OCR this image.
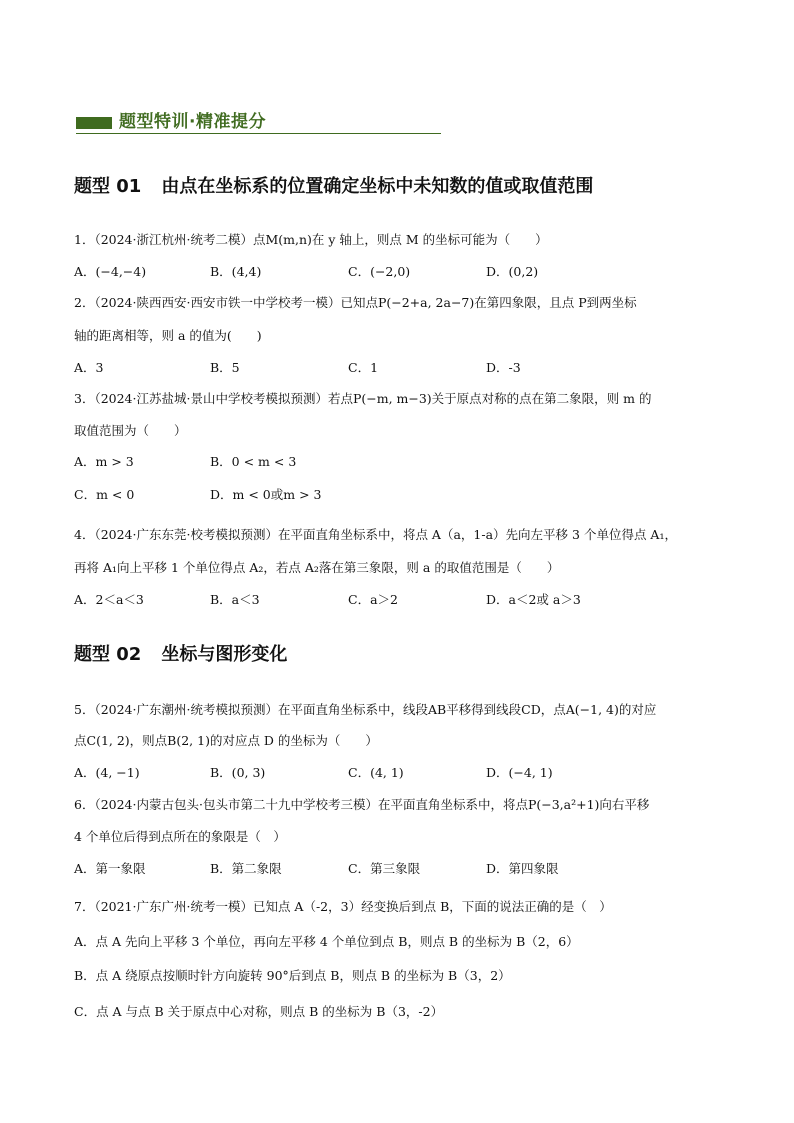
题型特训·精准提分
题型 01 由点在坐标系的位置确定坐标中未知数的值或取值范围
1．（2024·浙江杭州·统考二模）点M(m,n)在 y 轴上，则点 M 的坐标可能为（　　）
A．(−4,−4)	B．(4,4)	C．(−2,0)	D．(0,2)
2．（2024·陕西西安·西安市铁一中学校考一模）已知点P(−2+a, 2a−7)在第四象限，且点 P到两坐标
轴的距离相等，则 a 的值为(　　)
A．3	B．5	C．1	D．-3
3．（2024·江苏盐城·景山中学校考模拟预测）若点P(−m, m−3)关于原点对称的点在第二象限，则 m 的
取值范围为（　　）
A．m > 3	B．0 < m < 3
C．m < 0	D．m < 0或m > 3
4．（2024·广东东莞·校考模拟预测）在平面直角坐标系中，将点 A（a，1-a）先向左平移 3 个单位得点 A₁，
再将 A₁向上平移 1 个单位得点 A₂，若点 A₂落在第三象限，则 a 的取值范围是（　　）
A．2＜a＜3	B．a＜3	C．a＞2	D．a＜2或 a＞3
题型 02 坐标与图形变化
5．（2024·广东潮州·统考模拟预测）在平面直角坐标系中，线段AB平移得到线段CD，点A(−1, 4)的对应
点C(1, 2)，则点B(2, 1)的对应点 D 的坐标为（　　）
A．(4, −1)	B．(0, 3)	C．(4, 1)	D．(−4, 1)
6．（2024·内蒙古包头·包头市第二十九中学校考三模）在平面直角坐标系中，将点P(−3,a²+1)向右平移
4 个单位后得到点所在的象限是（　）
A．第一象限	B．第二象限	C．第三象限	D．第四象限
7．（2021·广东广州·统考一模）已知点 A（-2，3）经变换后到点 B，下面的说法正确的是（　）
A．点 A 先向上平移 3 个单位，再向左平移 4 个单位到点 B，则点 B 的坐标为 B（2，6）
B．点 A 绕原点按顺时针方向旋转 90°后到点 B，则点 B 的坐标为 B（3，2）
C．点 A 与点 B 关于原点中心对称，则点 B 的坐标为 B（3，-2）
